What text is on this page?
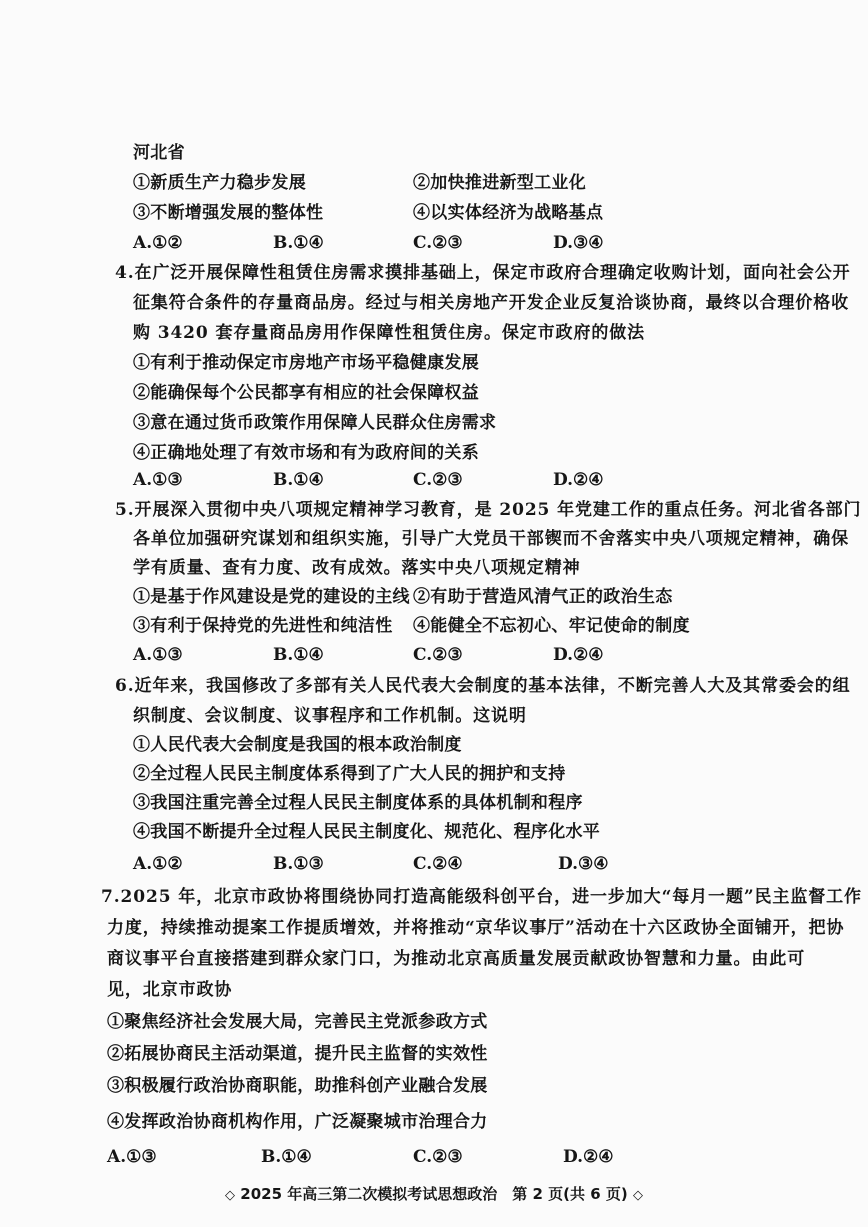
河北省
①新质生产力稳步发展	②加快推进新型工业化
③不断增强发展的整体性	④以实体经济为战略基点
A.①②	B.①④	C.②③	D.③④
4.在广泛开展保障性租赁住房需求摸排基础上，保定市政府合理确定收购计划，面向社会公开
征集符合条件的存量商品房。经过与相关房地产开发企业反复洽谈协商，最终以合理价格收
购 3420 套存量商品房用作保障性租赁住房。保定市政府的做法
①有利于推动保定市房地产市场平稳健康发展
②能确保每个公民都享有相应的社会保障权益
③意在通过货币政策作用保障人民群众住房需求
④正确地处理了有效市场和有为政府间的关系
A.①③	B.①④	C.②③	D.②④
5.开展深入贯彻中央八项规定精神学习教育，是 2025 年党建工作的重点任务。河北省各部门
各单位加强研究谋划和组织实施，引导广大党员干部锲而不舍落实中央八项规定精神，确保
学有质量、查有力度、改有成效。落实中央八项规定精神
①是基于作风建设是党的建设的主线 ②有助于营造风清气正的政治生态
③有利于保持党的先进性和纯洁性 ④能健全不忘初心、牢记使命的制度
A.①③	B.①④	C.②③	D.②④
6.近年来，我国修改了多部有关人民代表大会制度的基本法律，不断完善人大及其常委会的组
织制度、会议制度、议事程序和工作机制。这说明
①人民代表大会制度是我国的根本政治制度
②全过程人民民主制度体系得到了广大人民的拥护和支持
③我国注重完善全过程人民民主制度体系的具体机制和程序
④我国不断提升全过程人民民主制度化、规范化、程序化水平
A.①②	B.①③	C.②④	D.③④
7.2025 年，北京市政协将围绕协同打造高能级科创平台，进一步加大“每月一题”民主监督工作
力度，持续推动提案工作提质增效，并将推动“京华议事厅”活动在十六区政协全面铺开，把协
商议事平台直接搭建到群众家门口，为推动北京高质量发展贡献政协智慧和力量。由此可
见，北京市政协
①聚焦经济社会发展大局，完善民主党派参政方式
②拓展协商民主活动渠道，提升民主监督的实效性
③积极履行政治协商职能，助推科创产业融合发展
④发挥政治协商机构作用，广泛凝聚城市治理合力
A.①③	B.①④	C.②③	D.②④
◇ 2025 年高三第二次模拟考试思想政治　第 2 页(共 6 页) ◇
